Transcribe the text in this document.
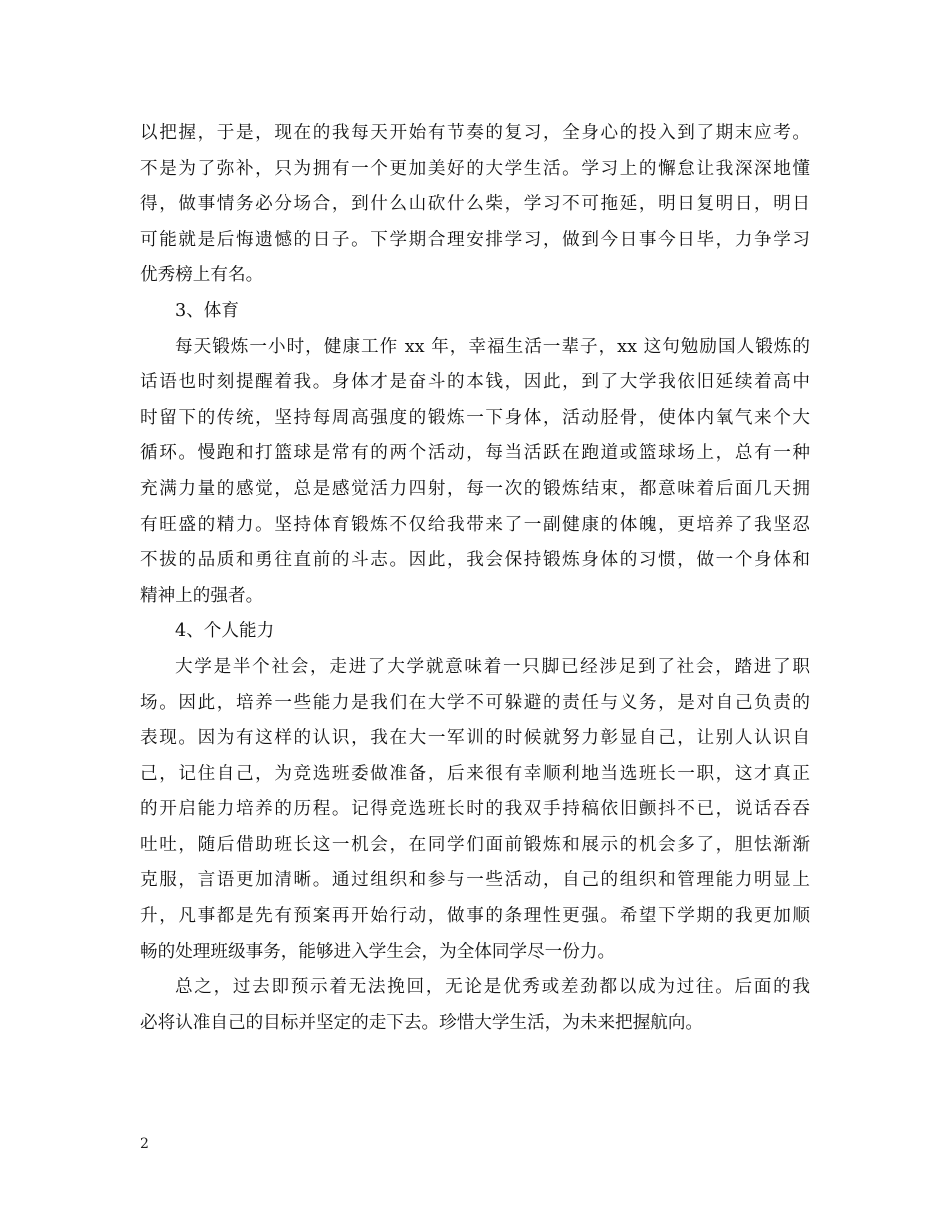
以把握，于是，现在的我每天开始有节奏的复习，全身心的投入到了期末应考。
不是为了弥补，只为拥有一个更加美好的大学生活。学习上的懈怠让我深深地懂
得，做事情务必分场合，到什么山砍什么柴，学习不可拖延，明日复明日，明日
可能就是后悔遗憾的日子。下学期合理安排学习，做到今日事今日毕，力争学习
优秀榜上有名。
3、体育
每天锻炼一小时，健康工作 xx 年，幸福生活一辈子，xx 这句勉励国人锻炼的
话语也时刻提醒着我。身体才是奋斗的本钱，因此，到了大学我依旧延续着高中
时留下的传统，坚持每周高强度的锻炼一下身体，活动胫骨，使体内氧气来个大
循环。慢跑和打篮球是常有的两个活动，每当活跃在跑道或篮球场上，总有一种
充满力量的感觉，总是感觉活力四射，每一次的锻炼结束，都意味着后面几天拥
有旺盛的精力。坚持体育锻炼不仅给我带来了一副健康的体魄，更培养了我坚忍
不拔的品质和勇往直前的斗志。因此，我会保持锻炼身体的习惯，做一个身体和
精神上的强者。
4、个人能力
大学是半个社会，走进了大学就意味着一只脚已经涉足到了社会，踏进了职
场。因此，培养一些能力是我们在大学不可躲避的责任与义务，是对自己负责的
表现。因为有这样的认识，我在大一军训的时候就努力彰显自己，让别人认识自
己，记住自己，为竞选班委做准备，后来很有幸顺利地当选班长一职，这才真正
的开启能力培养的历程。记得竞选班长时的我双手持稿依旧颤抖不已，说话吞吞
吐吐，随后借助班长这一机会，在同学们面前锻炼和展示的机会多了，胆怯渐渐
克服，言语更加清晰。通过组织和参与一些活动，自己的组织和管理能力明显上
升，凡事都是先有预案再开始行动，做事的条理性更强。希望下学期的我更加顺
畅的处理班级事务，能够进入学生会，为全体同学尽一份力。
总之，过去即预示着无法挽回，无论是优秀或差劲都以成为过往。后面的我
必将认准自己的目标并坚定的走下去。珍惜大学生活，为未来把握航向。
2
